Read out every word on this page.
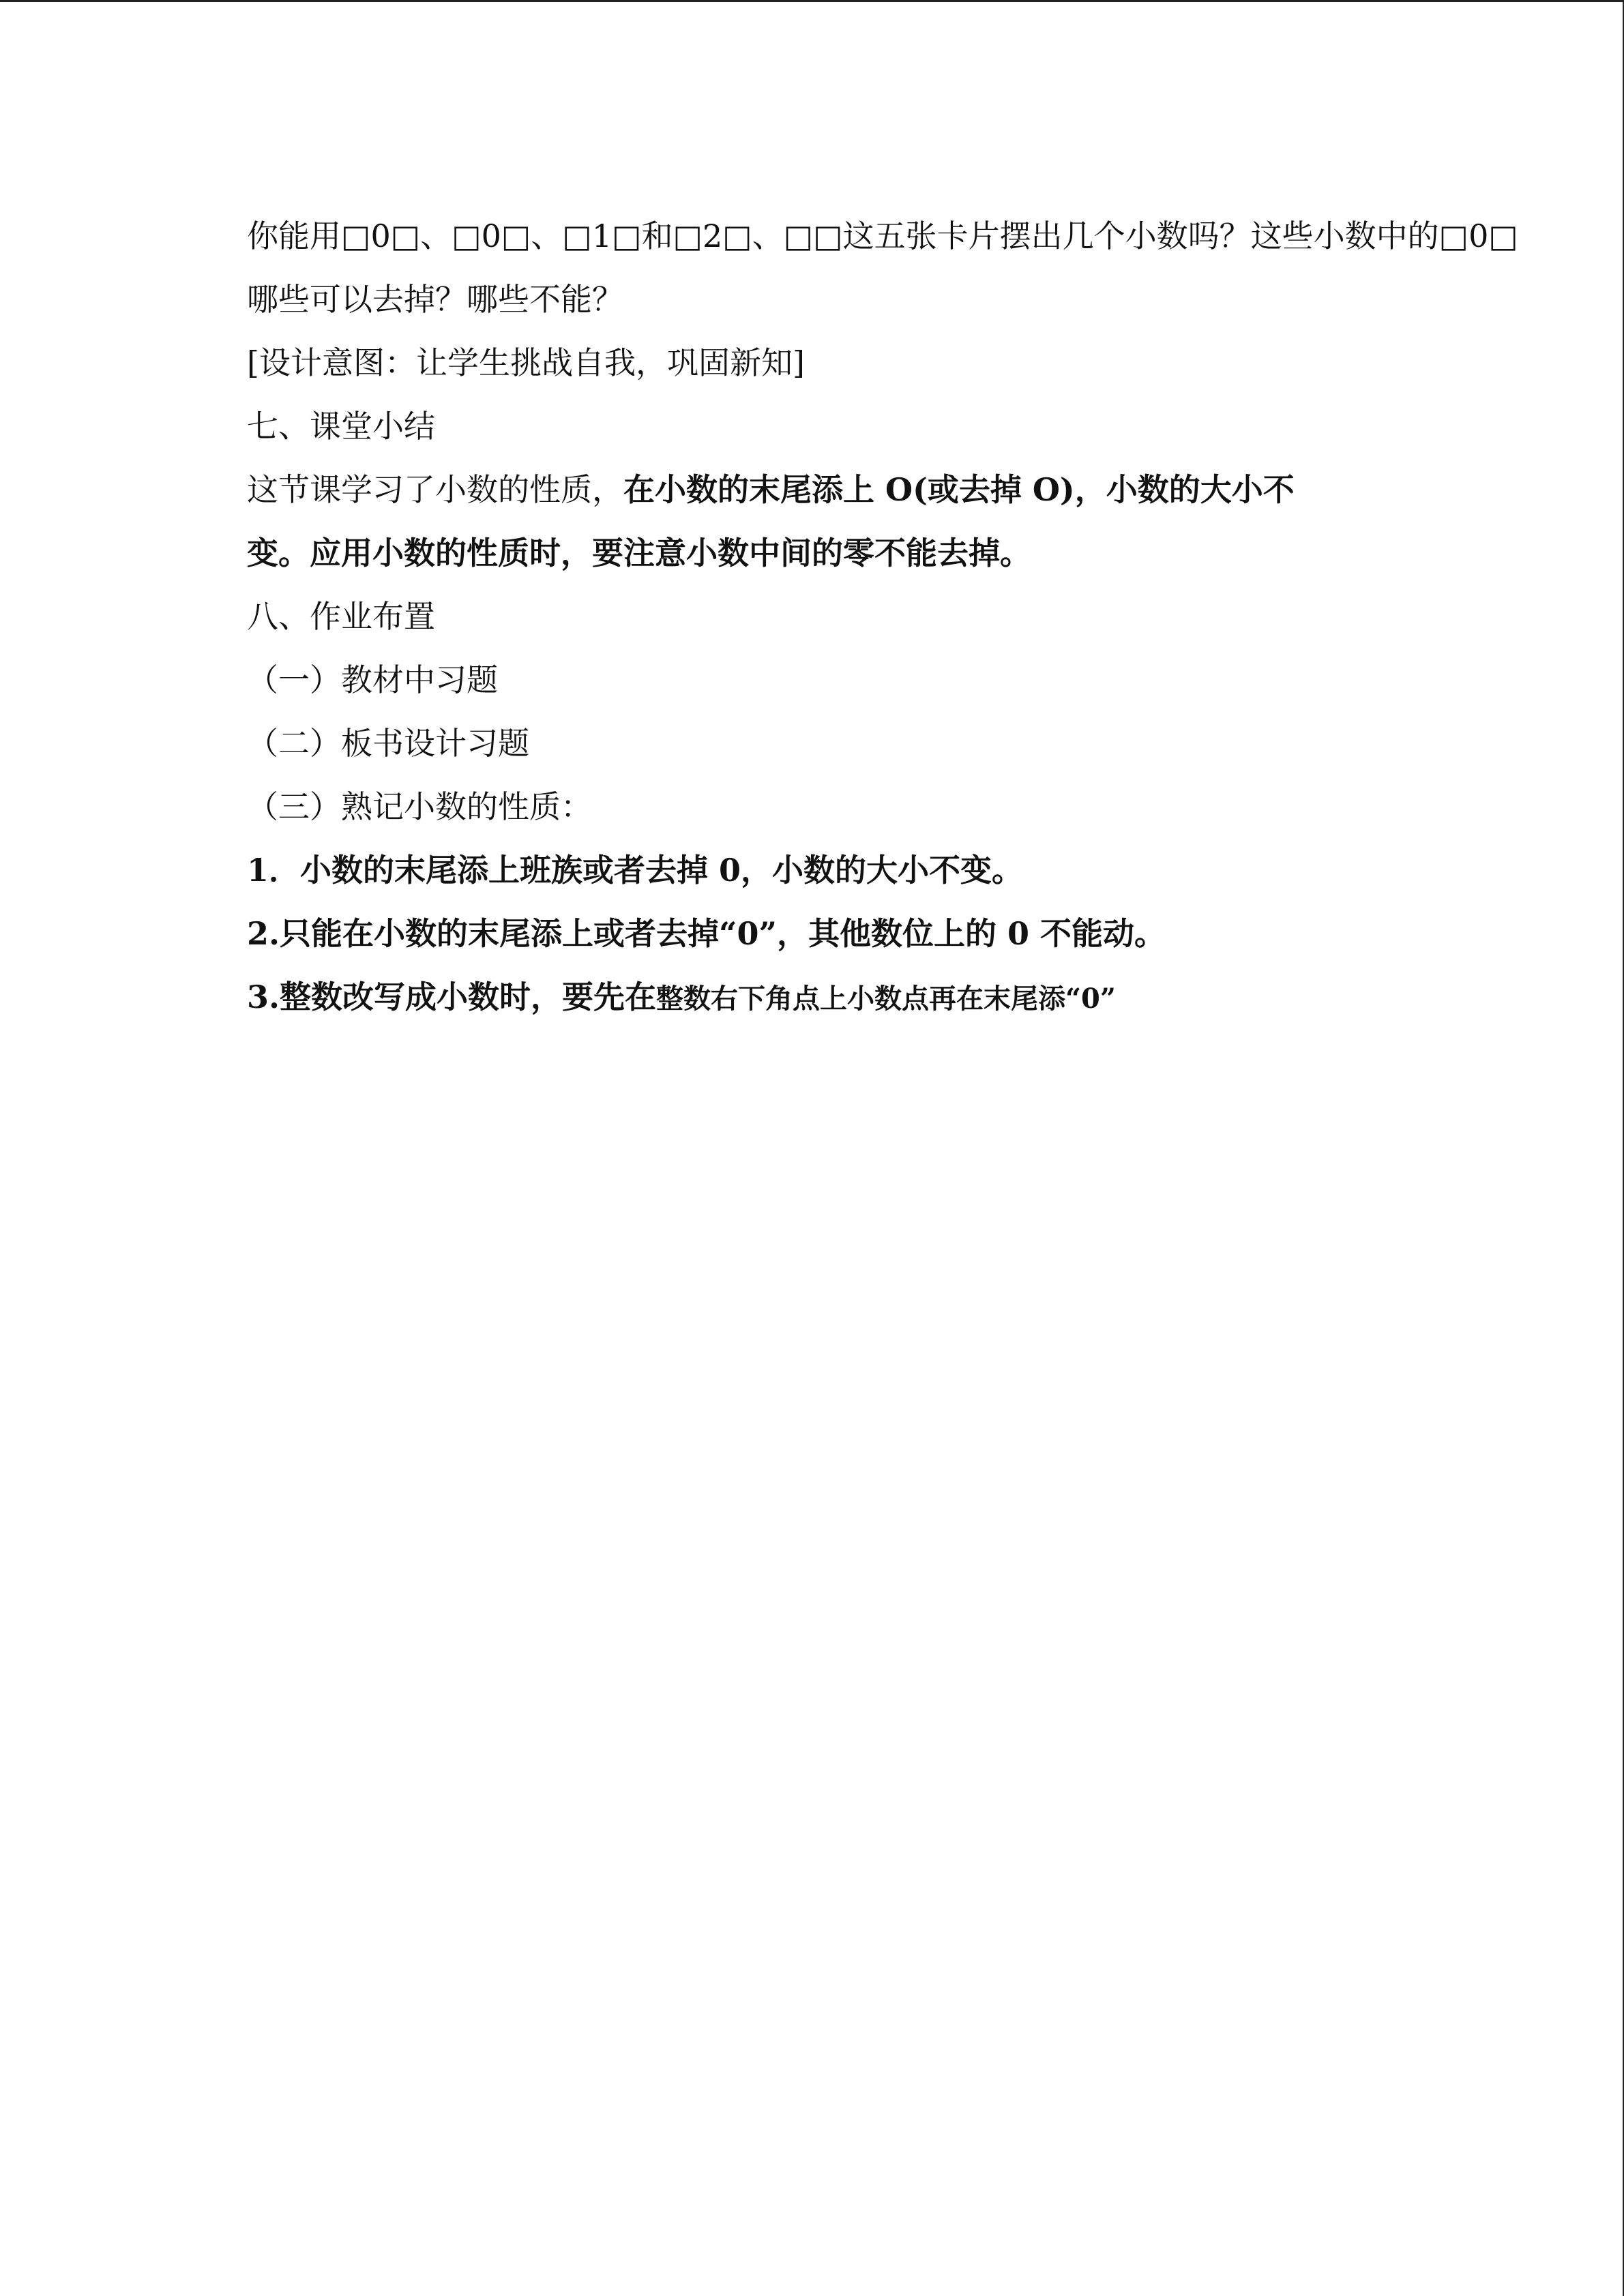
你能用□0□、□0□、□1□和□2□、□□这五张卡片摆出几个小数吗？这些小数中的□0□
哪些可以去掉？哪些不能？
[设计意图：让学生挑战自我，巩固新知]
七、课堂小结
这节课学习了小数的性质，在小数的末尾添上 O(或去掉 O)，小数的大小不
变。应用小数的性质时，要注意小数中间的零不能去掉。
八、作业布置
（一）教材中习题
（二）板书设计习题
（三）熟记小数的性质：
1．小数的末尾添上班族或者去掉 0，小数的大小不变。
2.只能在小数的末尾添上或者去掉“0”，其他数位上的 0 不能动。
3.整数改写成小数时，要先在整数右下角点上小数点再在末尾添“0”
